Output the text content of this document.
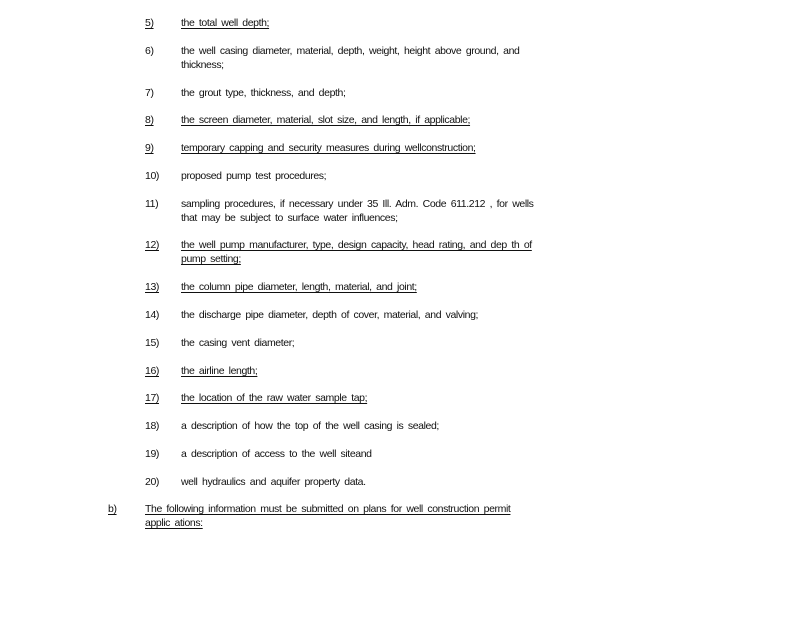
5)	the total well depth;
6)	the well casing diameter, material, depth, weight, height above ground, and thickness;
7)	the grout type, thickness, and depth;
8)	the screen diameter, material, slot size, and length, if applicable;
9)	temporary capping and security measures during wellconstruction;
10)	proposed pump test procedures;
11)	sampling procedures, if necessary under 35 Ill. Adm. Code 611.212 , for wells that may be subject to surface water influences;
12)	the well pump manufacturer, type, design capacity, head rating, and dep th of pump setting;
13)	the column pipe diameter, length, material, and joint;
14)	the discharge pipe diameter, depth of cover, material, and valving;
15)	the casing vent diameter;
16)	the airline length;
17)	the location of the raw water sample tap;
18)	a description of how the top of the well casing is sealed;
19)	a description of access to the well siteand
20)	well hydraulics and aquifer property data.
b)	The following information must be submitted on plans for well construction permit applic ations:
